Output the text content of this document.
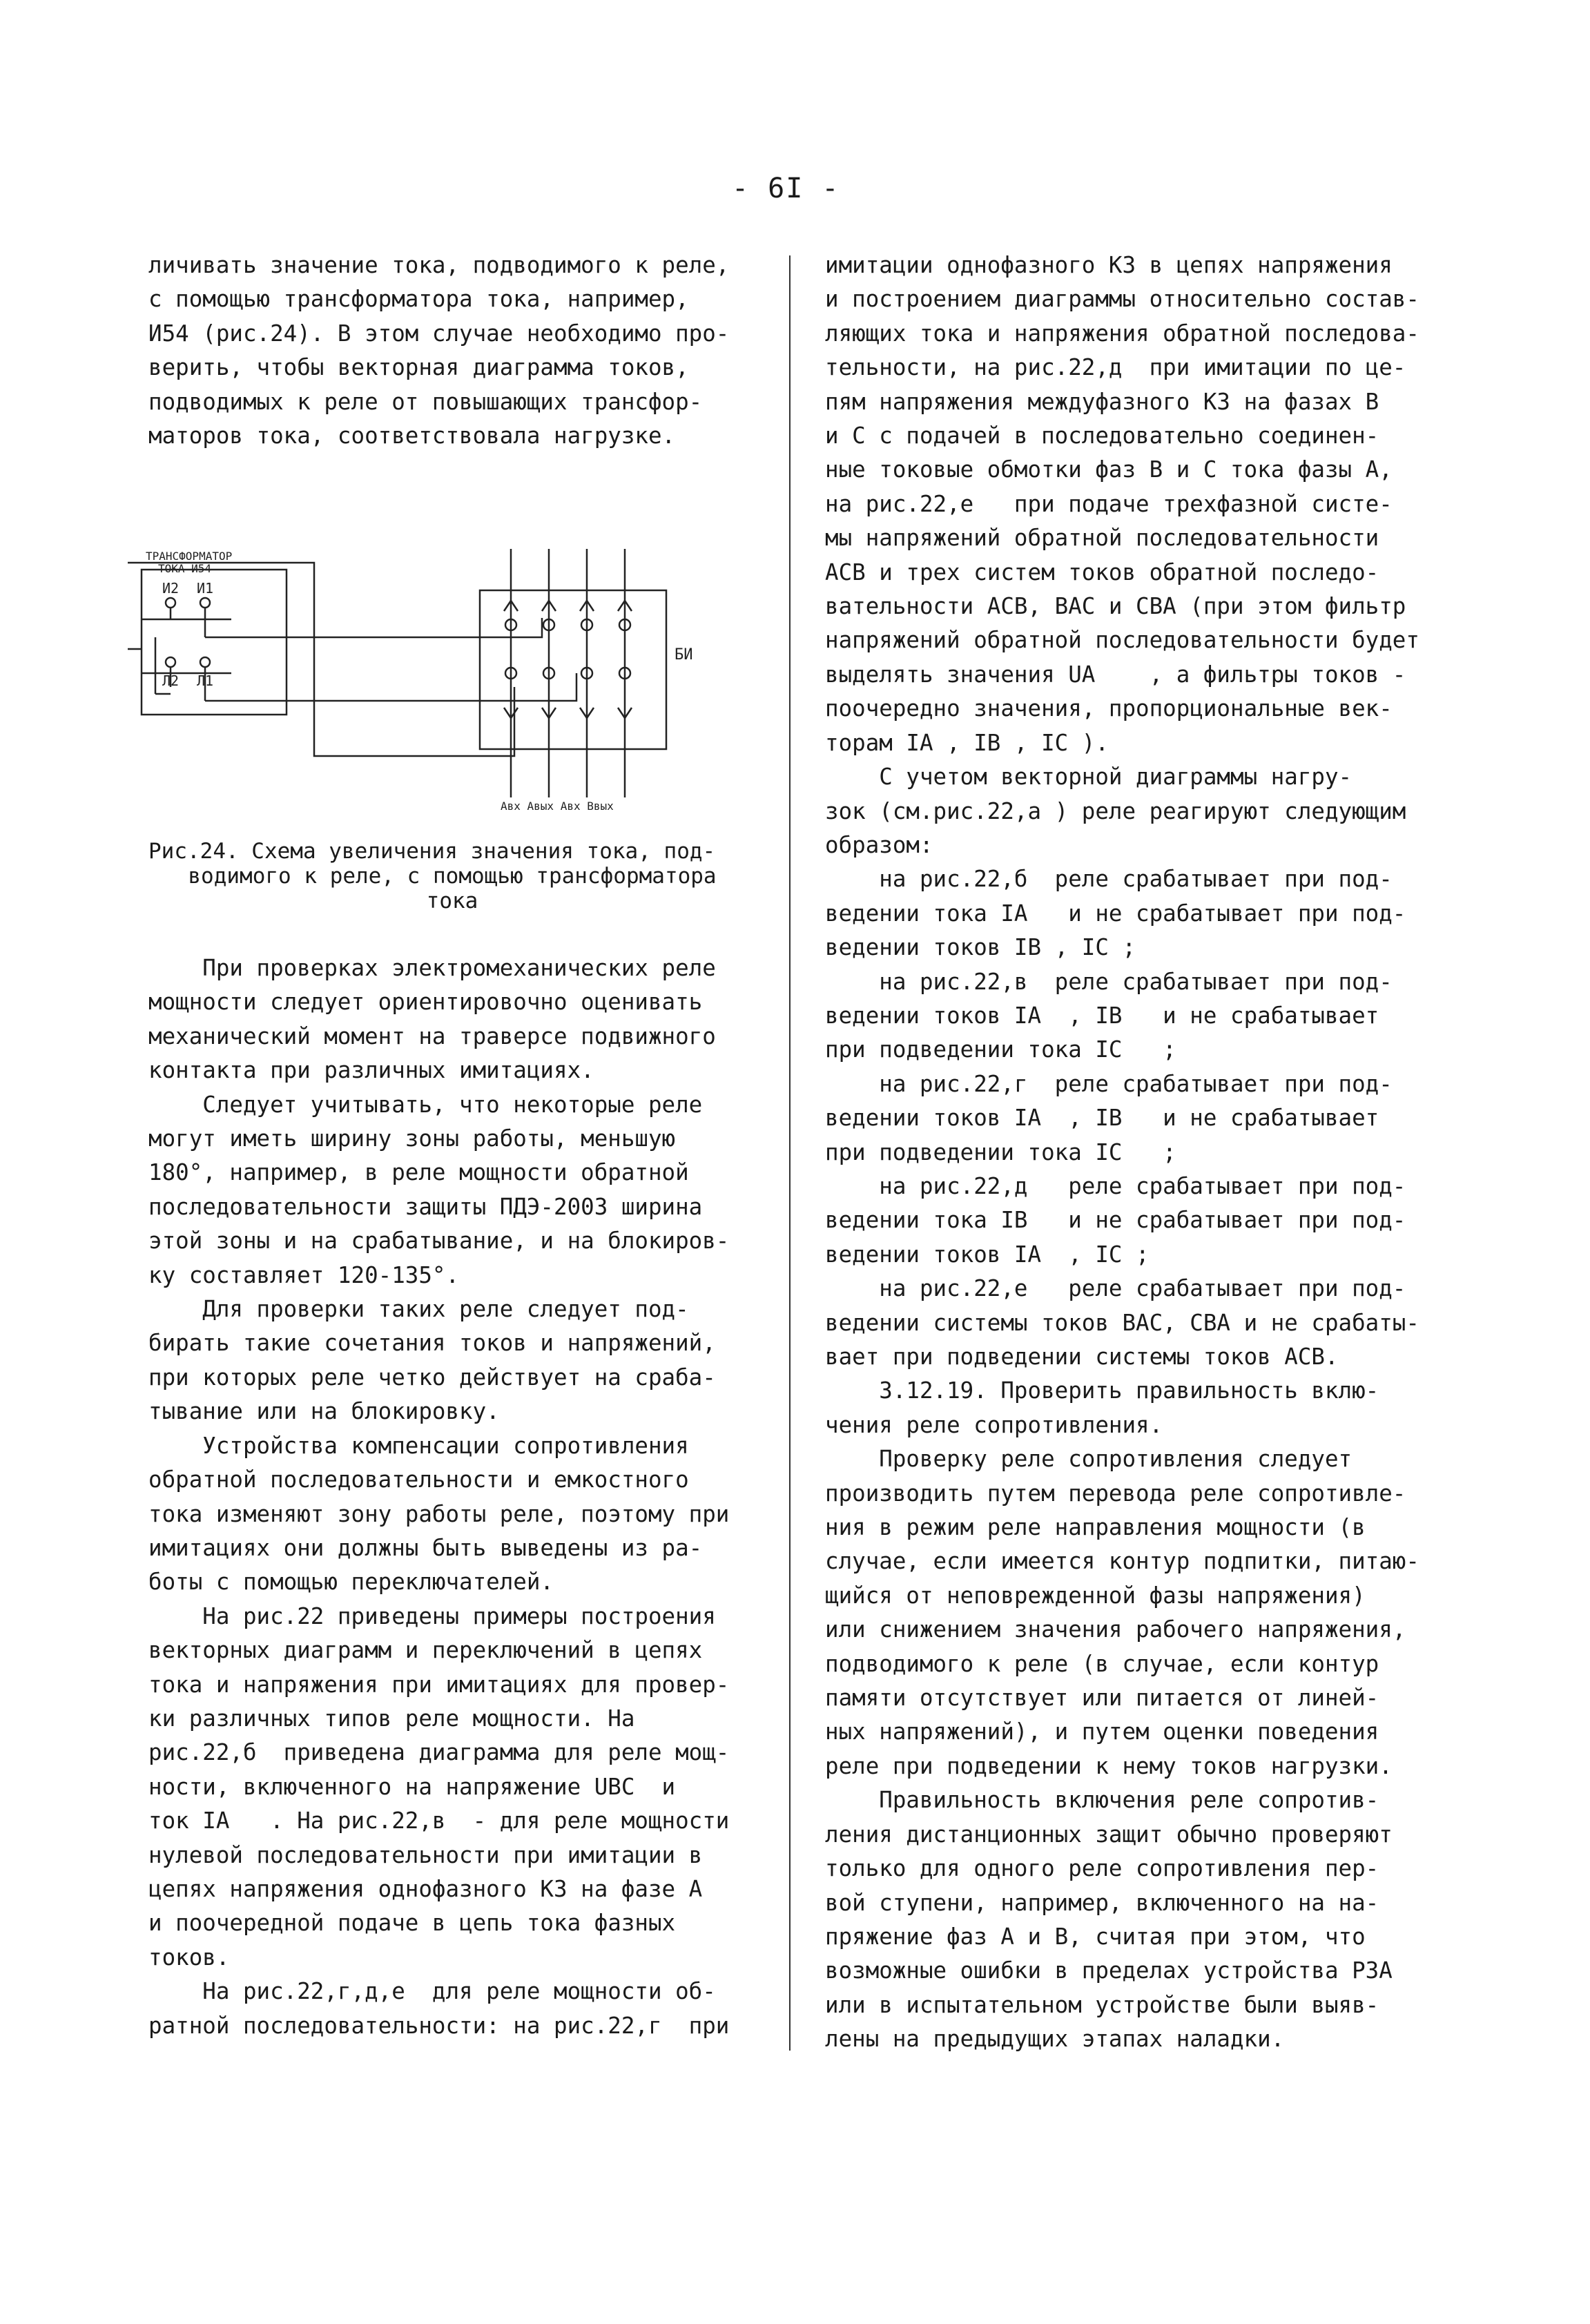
- 6I -

личивать значение тока, подводимого к реле,

с помощью трансформатора тока, например,

И54 (рис.24). В этом случае необходимо про-

верить, чтобы векторная диаграмма токов,

подводимых к реле от повышающих трансфор-

маторов тока, соответствовала нагрузке.

ТРАНСФОРМАТОР
ТОКА И54
И2 И1
Л2 Л1
БИ
Авх Авых Авх Ввых

Рис.24. Схема увеличения значения тока, под-

водимого к реле, с помощью трансформатора

тока

При проверках электромеханических реле

мощности следует ориентировочно оценивать

механический момент на траверсе подвижного

контакта при различных имитациях.

Следует учитывать, что некоторые реле

могут иметь ширину зоны работы, меньшую

180°, например, в реле мощности обратной

последовательности защиты ПДЭ-2003 ширина

этой зоны и на срабатывание, и на блокиров-

ку составляет 120-135°.

Для проверки таких реле следует под-

бирать такие сочетания токов и напряжений,

при которых реле четко действует на сраба-

тывание или на блокировку.

Устройства компенсации сопротивления

обратной последовательности и емкостного

тока изменяют зону работы реле, поэтому при

имитациях они должны быть выведены из ра-

боты с помощью переключателей.

На рис.22 приведены примеры построения

векторных диаграмм и переключений в цепях

тока и напряжения при имитациях для провер-

ки различных типов реле мощности. На

рис.22,б  приведена диаграмма для реле мощ-

ности, включенного на напряжение UBC  и

ток IA   . На рис.22,в  - для реле мощности

нулевой последовательности при имитации в

цепях напряжения однофазного КЗ на фазе А

и поочередной подаче в цепь тока фазных

токов.

На рис.22,г,д,е  для реле мощности об-

ратной последовательности: на рис.22,г  при

имитации однофазного КЗ в цепях напряжения

и построением диаграммы относительно состав-

ляющих тока и напряжения обратной последова-

тельности, на рис.22,д  при имитации по це-

пям напряжения междуфазного КЗ на фазах В

и С с подачей в последовательно соединен-

ные токовые обмотки фаз В и С тока фазы А,

на рис.22,е   при подаче трехфазной систе-

мы напряжений обратной последовательности

АСВ и трех систем токов обратной последо-

вательности АСВ, ВАС и СВА (при этом фильтр

напряжений обратной последовательности будет

выделять значения UA    , а фильтры токов -

поочередно значения, пропорциональные век-

торам IA , IB , IC ).

С учетом векторной диаграммы нагру-

зок (см.рис.22,а ) реле реагируют следующим

образом:

на рис.22,б  реле срабатывает при под-

ведении тока IA   и не срабатывает при под-

ведении токов IB , IC ;

на рис.22,в  реле срабатывает при под-

ведении токов IA  , IB   и не срабатывает

при подведении тока IC   ;

на рис.22,г  реле срабатывает при под-

ведении токов IA  , IB   и не срабатывает

при подведении тока IC   ;

на рис.22,д   реле срабатывает при под-

ведении тока IB   и не срабатывает при под-

ведении токов IA  , IC ;

на рис.22,е   реле срабатывает при под-

ведении системы токов ВАС, СВА и не срабаты-

вает при подведении системы токов АСВ.

3.12.19. Проверить правильность вклю-

чения реле сопротивления.

Проверку реле сопротивления следует

производить путем перевода реле сопротивле-

ния в режим реле направления мощности (в

случае, если имеется контур подпитки, питаю-

щийся от неповрежденной фазы напряжения)

или снижением значения рабочего напряжения,

подводимого к реле (в случае, если контур

памяти отсутствует или питается от линей-

ных напряжений), и путем оценки поведения

реле при подведении к нему токов нагрузки.

Правильность включения реле сопротив-

ления дистанционных защит обычно проверяют

только для одного реле сопротивления пер-

вой ступени, например, включенного на на-

пряжение фаз А и В, считая при этом, что

возможные ошибки в пределах устройства РЗА

или в испытательном устройстве были выяв-

лены на предыдущих этапах наладки.
